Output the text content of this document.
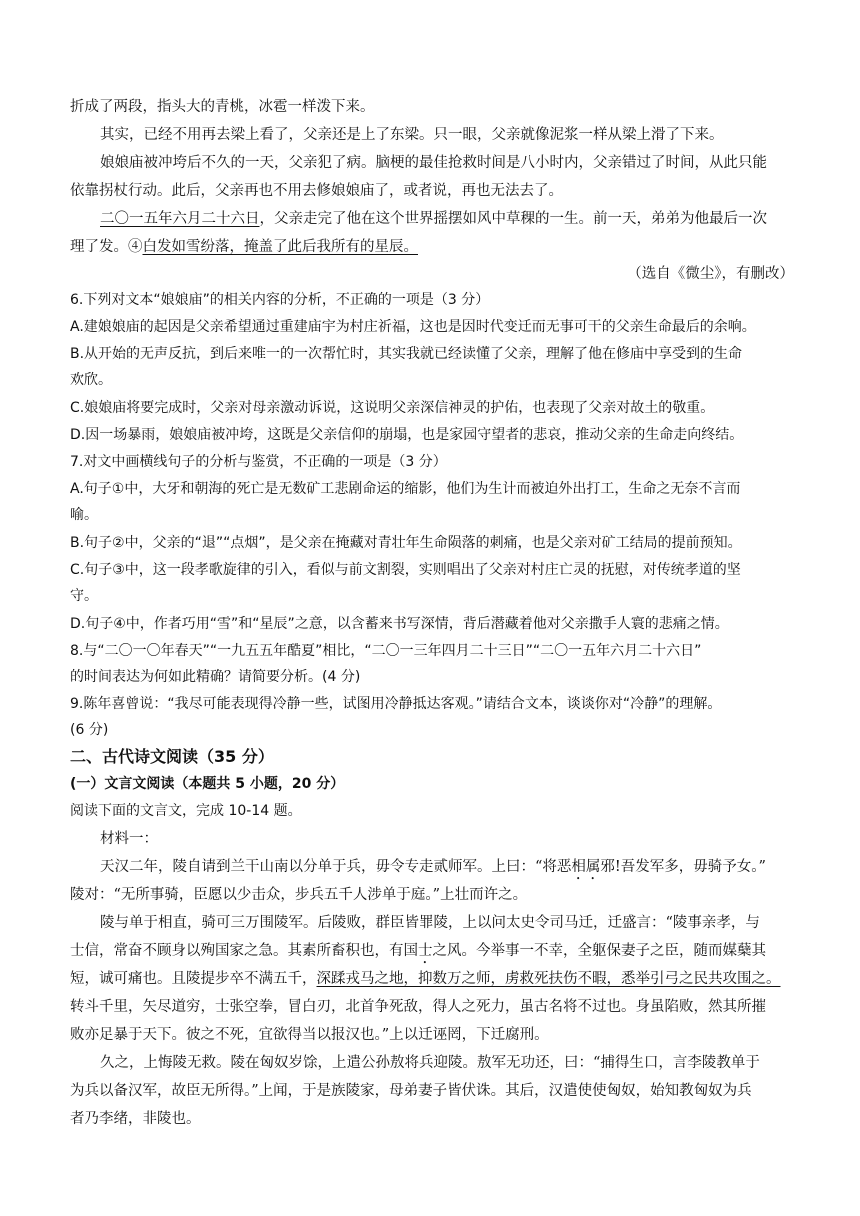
折成了两段，指头大的青桃，冰雹一样泼下来。
其实，已经不用再去梁上看了，父亲还是上了东梁。只一眼，父亲就像泥浆一样从梁上滑了下来。
娘娘庙被冲垮后不久的一天，父亲犯了病。脑梗的最佳抢救时间是八小时内，父亲错过了时间，从此只能
依靠拐杖行动。此后，父亲再也不用去修娘娘庙了，或者说，再也无法去了。
二〇一五年六月二十六日，父亲走完了他在这个世界摇摆如风中草稞的一生。前一天，弟弟为他最后一次
理了发。④白发如雪纷落，掩盖了此后我所有的星辰。
（选自《微尘》，有删改）
6.下列对文本“娘娘庙”的相关内容的分析，不正确的一项是（3 分）
A.建娘娘庙的起因是父亲希望通过重建庙宇为村庄祈福，这也是因时代变迁而无事可干的父亲生命最后的余响。
B.从开始的无声反抗，到后来唯一的一次帮忙时，其实我就已经读懂了父亲，理解了他在修庙中享受到的生命
欢欣。
C.娘娘庙将要完成时，父亲对母亲激动诉说，这说明父亲深信神灵的护佑，也表现了父亲对故土的敬重。
D.因一场暴雨，娘娘庙被冲垮，这既是父亲信仰的崩塌，也是家园守望者的悲哀，推动父亲的生命走向终结。
7.对文中画横线句子的分析与鉴赏，不正确的一项是（3 分）
A.句子①中，大牙和朝海的死亡是无数矿工悲剧命运的缩影，他们为生计而被迫外出打工，生命之无奈不言而
喻。
B.句子②中，父亲的“退”“点烟”，是父亲在掩藏对青壮年生命陨落的刺痛，也是父亲对矿工结局的提前预知。
C.句子③中，这一段孝歌旋律的引入，看似与前文割裂，实则唱出了父亲对村庄亡灵的抚慰，对传统孝道的坚
守。
D.句子④中，作者巧用“雪”和“星辰”之意，以含蓄来书写深情，背后潜藏着他对父亲撒手人寰的悲痛之情。
8.与“二〇一〇年春天”“一九五五年酷夏”相比，“二〇一三年四月二十三日”“二〇一五年六月二十六日”
的时间表达为何如此精确？请简要分析。(4 分)
9.陈年喜曾说：“我尽可能表现得冷静一些，试图用冷静抵达客观。”请结合文本，谈谈你对“冷静”的理解。
(6 分)
二、古代诗文阅读（35 分）
(一）文言文阅读（本题共 5 小题，20 分）
阅读下面的文言文，完成 10-14 题。
材料一：
天汉二年，陵自请到兰干山南以分单于兵，毋令专走贰师军。上曰：“将恶相属邪!吾发军多，毋骑予女。”
陵对：“无所事骑，臣愿以少击众，步兵五千人涉单于庭。”上壮而许之。
陵与单于相直，骑可三万围陵军。后陵败，群臣皆罪陵，上以问太史令司马迁，迁盛言：“陵事亲孝，与
士信，常奋不顾身以殉国家之急。其素所畜积也，有国士之风。今举事一不幸，全躯保妻子之臣，随而媒蘖其
短，诚可痛也。且陵提步卒不满五千，深蹂戎马之地，抑数万之师，虏救死扶伤不暇，悉举引弓之民共攻围之。
转斗千里，矢尽道穷，士张空拳，冒白刃，北首争死敌，得人之死力，虽古名将不过也。身虽陷败，然其所摧
败亦足暴于天下。彼之不死，宜欲得当以报汉也。”上以迁诬罔，下迁腐刑。
久之，上悔陵无救。陵在匈奴岁馀，上遣公孙敖将兵迎陵。敖军无功还，曰：“捕得生口，言李陵教单于
为兵以备汉军，故臣无所得。”上闻，于是族陵家，母弟妻子皆伏诛。其后，汉遣使使匈奴，始知教匈奴为兵
者乃李绪，非陵也。
